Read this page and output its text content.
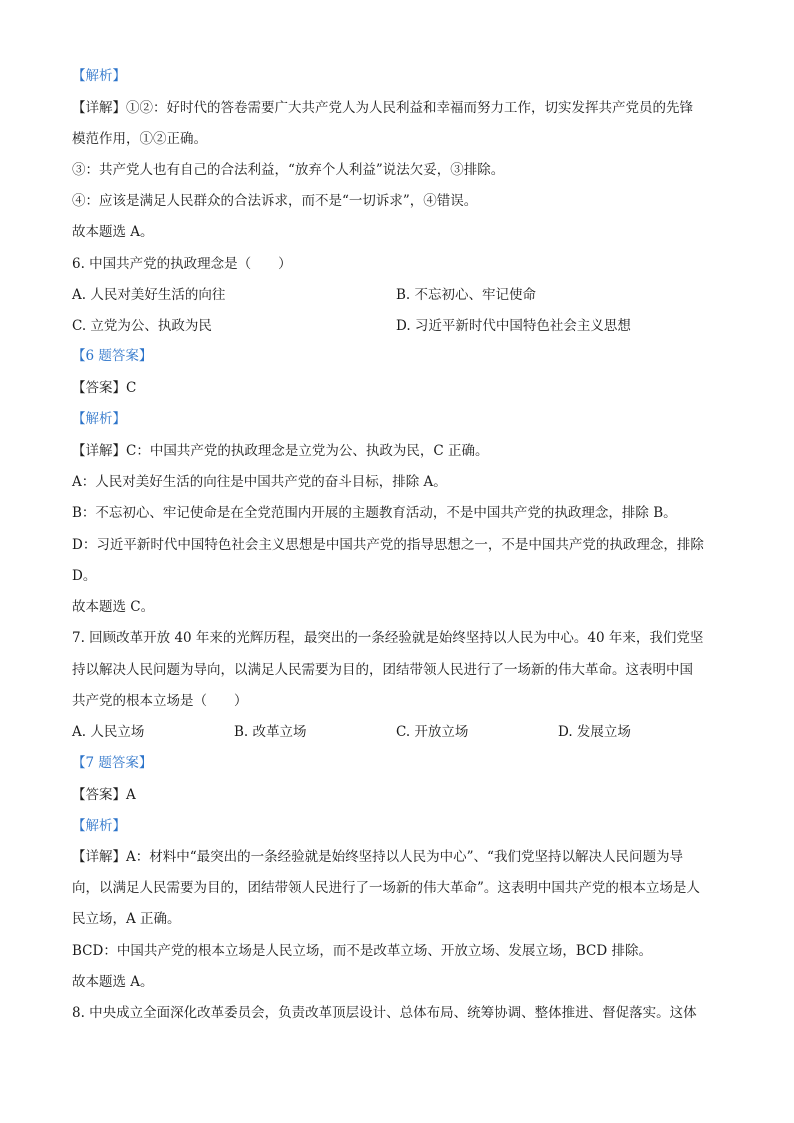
【解析】
【详解】①②：好时代的答卷需要广大共产党人为人民利益和幸福而努力工作，切实发挥共产党员的先锋
模范作用，①②正确。
③：共产党人也有自己的合法利益，“放弃个人利益”说法欠妥，③排除。
④：应该是满足人民群众的合法诉求，而不是“一切诉求”，④错误。
故本题选 A。
6. 中国共产党的执政理念是（　　）
A. 人民对美好生活的向往	B. 不忘初心、牢记使命
C. 立党为公、执政为民	D. 习近平新时代中国特色社会主义思想
【6 题答案】
【答案】C
【解析】
【详解】C：中国共产党的执政理念是立党为公、执政为民，C 正确。
A：人民对美好生活的向往是中国共产党的奋斗目标，排除 A。
B：不忘初心、牢记使命是在全党范围内开展的主题教育活动，不是中国共产党的执政理念，排除 B。
D：习近平新时代中国特色社会主义思想是中国共产党的指导思想之一，不是中国共产党的执政理念，排除
D。
故本题选 C。
7. 回顾改革开放 40 年来的光辉历程，最突出的一条经验就是始终坚持以人民为中心。40 年来，我们党坚
持以解决人民问题为导向，以满足人民需要为目的，团结带领人民进行了一场新的伟大革命。这表明中国
共产党的根本立场是（　　）
A. 人民立场	B. 改革立场	C. 开放立场	D. 发展立场
【7 题答案】
【答案】A
【解析】
【详解】A：材料中“最突出的一条经验就是始终坚持以人民为中心”、“我们党坚持以解决人民问题为导
向，以满足人民需要为目的，团结带领人民进行了一场新的伟大革命”。这表明中国共产党的根本立场是人
民立场，A 正确。
BCD：中国共产党的根本立场是人民立场，而不是改革立场、开放立场、发展立场，BCD 排除。
故本题选 A。
8. 中央成立全面深化改革委员会，负责改革顶层设计、总体布局、统筹协调、整体推进、督促落实。这体
